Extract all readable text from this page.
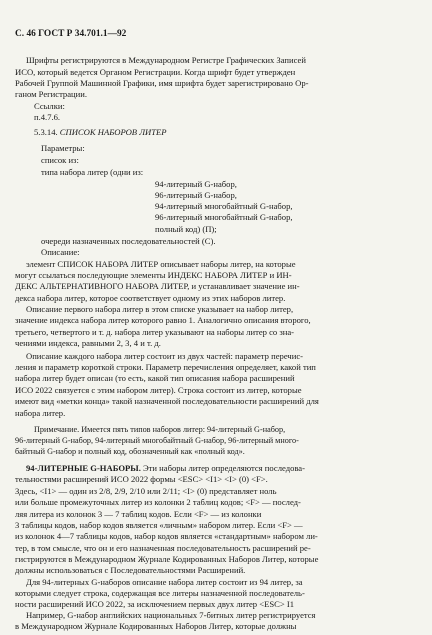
С. 46 ГОСТ Р 34.701.1—92
Шрифты регистрируются в Международном Регистре Графических Записей
ИСО, который ведется Органом Регистрации. Когда шрифт будет утвержден
Рабочей Группой Машинной Графики, имя шрифта будет зарегистрировано Ор-
ганом Регистрации.
Ссылки:
п.4.7.6.
5.3.14. СПИСОК НАБОРОВ ЛИТЕР
Параметры:
список из:
типа набора литер (одни из:
94-литерный G-набор,
96-литерный G-набор,
94-литерный многобайтный G-набор,
96-литерный многобайтный G-набор,
полный код) (П);
очереди назначенных последовательностей (С).
Описание:
элемент СПИСОК НАБОРА ЛИТЕР описывает наборы литер, на которые
могут ссылаться последующие элементы ИНДЕКС НАБОРА ЛИТЕР и ИН-
ДЕКС АЛЬТЕРНАТИВНОГО НАБОРА ЛИТЕР, и устанавливает значение ин-
декса набора литер, которое соответствует одному из этих наборов литер.
Описание первого набора литер в этом списке указывает на набор литер,
значение индекса набора литер которого равно 1. Аналогично описания второго,
третьего, четвертого и т. д. набора литер указывают на наборы литер со зна-
чениями индекса, равными 2, 3, 4 и т. д.
Описание каждого набора литер состоит из двух частей: параметр перечис-
ления и параметр короткой строки. Параметр перечисления определяет, какой тип
набора литер будет описан (то есть, какой тип описания набора расширений
ИСО 2022 связуется с этим набором литер). Строка состоит из литер, которые
имеют вид «метки конца» такой назначенной последовательности расширений для
набора литер.
Примечание. Имеется пять типов наборов литер: 94-литерный G-набор,
96-литерный G-набор, 94-литерный многобайтный G-набор, 96-литерный много-
байтный G-набор и полный код, обозначенный как «полный код».
94-ЛИТЕРНЫЕ G-НАБОРЫ. Эти наборы литер определяются последова-
тельностями расширений ИСО 2022 формы <ESC> <I1> <I> (0) <F>.
Здесь, <I1> — один из 2/8, 2/9, 2/10 или 2/11; <I> (0) представляет ноль
или больше промежуточных литер из колонки 2 таблиц кодов; <F> — послед-
ляя литера из колонок 3 — 7 таблиц кодов. Если <F> — из колонки
3 таблицы кодов, набор кодов является «личным» набором литер. Если <F> —
из колонок 4—7 таблицы кодов, набор кодов является «стандартным» набором ли-
тер, в том смысле, что он и его назначенная последовательность расширений ре-
гистрируются в Международном Журнале Кодированных Наборов Литер, которые
должны использоваться с Последовательностями Расширений.
Для 94-литерных G-наборов описание набора литер состоит из 94 литер, за
которыми следует строка, содержащая все литеры назначенной последователь-
ности расширений ИСО 2022, за исключением первых двух литер <ESC> I1
Например, G-набор английских национальных 7-битных литер регистрируется
в Международном Журнале Кодированных Наборов Литер, которые должны
